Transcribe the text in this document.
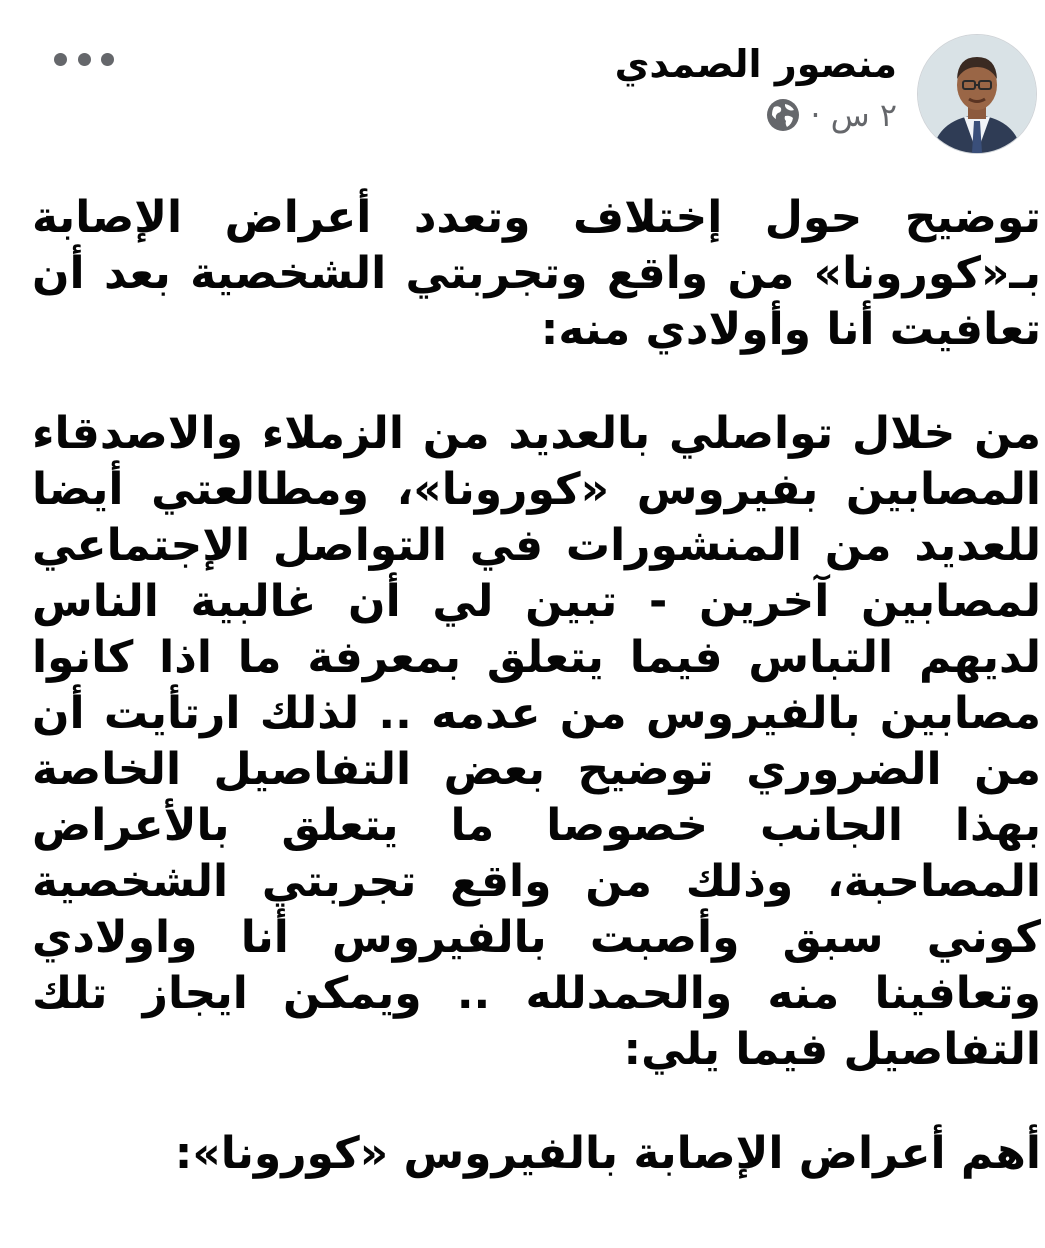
منصور الصمدي
٢ س
·

توضيح حول إختلاف وتعدد أعراض الإصابة بـ«كورونا» من واقع وتجربتي الشخصية بعد أن تعافيت أنا وأولادي منه:

من خلال تواصلي بالعديد من الزملاء والاصدقاء المصابين بفيروس «كورونا»، ومطالعتي أيضا للعديد من المنشورات في التواصل الإجتماعي لمصابين آخرين - تبين لي أن غالبية الناس لديهم التباس فيما يتعلق بمعرفة ما اذا كانوا مصابين بالفيروس من عدمه .. لذلك ارتأيت أن من الضروري توضيح بعض التفاصيل الخاصة بهذا الجانب خصوصا ما يتعلق بالأعراض المصاحبة، وذلك من واقع تجربتي الشخصية كوني سبق وأصبت بالفيروس أنا واولادي وتعافينا منه والحمدلله .. ويمكن ايجاز تلك التفاصيل فيما يلي:

أهم أعراض الإصابة بالفيروس «كورونا»:
